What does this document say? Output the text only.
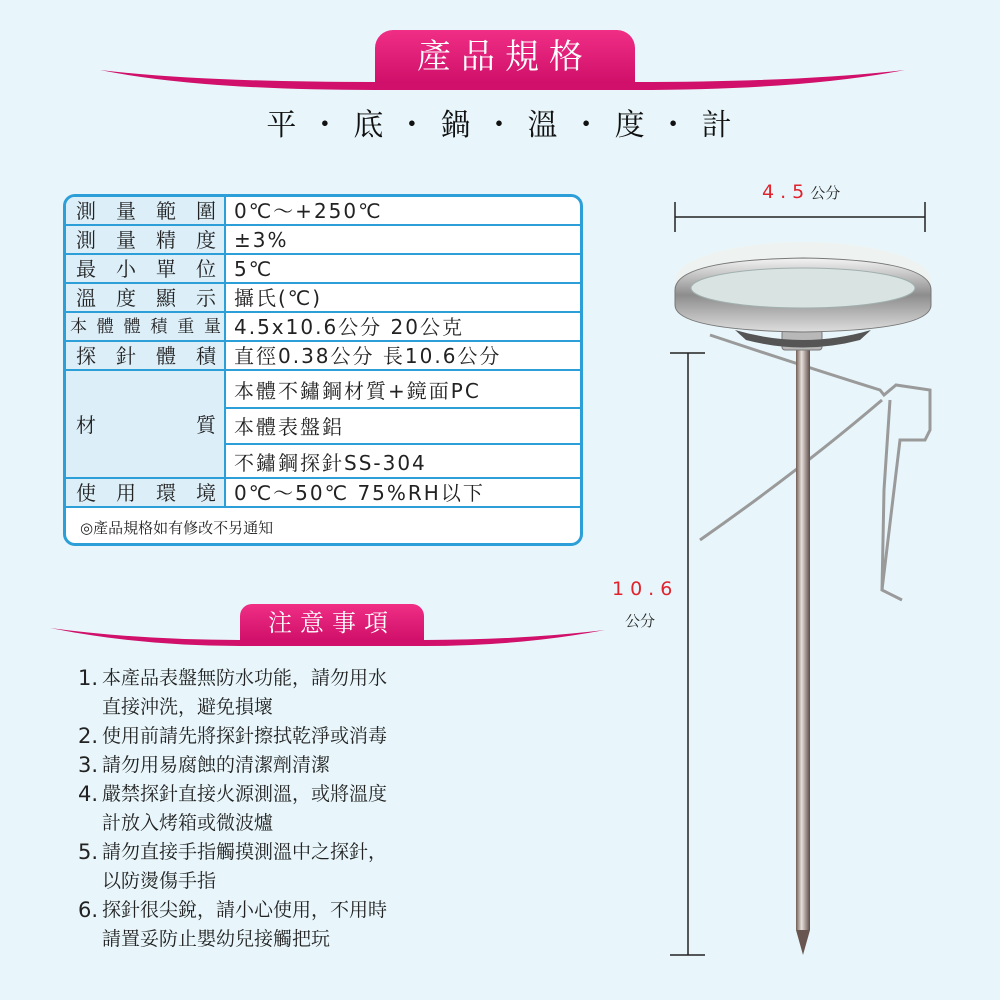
產品規格
平 ・ 底 ・ 鍋 ・ 溫 ・ 度 ・ 計
測量範圍 0℃～+250℃
測量精度 ±3%
最小單位 5℃
溫度顯示 攝氏(℃)
本體體積重量 4.5x10.6公分 20公克
探針體積 直徑0.38公分 長10.6公分
材質
本體不鏽鋼材質+鏡面PC
本體表盤鋁
不鏽鋼探針SS-304
使用環境 0℃～50℃ 75%RH以下
◎產品規格如有修改不另通知
注意事項
1. 本產品表盤無防水功能，請勿用水
直接沖洗，避免損壞
2. 使用前請先將探針擦拭乾淨或消毒
3. 請勿用易腐蝕的清潔劑清潔
4. 嚴禁探針直接火源測溫，或將溫度
計放入烤箱或微波爐
5. 請勿直接手指觸摸測溫中之探針，
以防燙傷手指
6. 探針很尖銳，請小心使用，不用時
請置妥防止嬰幼兒接觸把玩
4.5公分
10.6
公分
